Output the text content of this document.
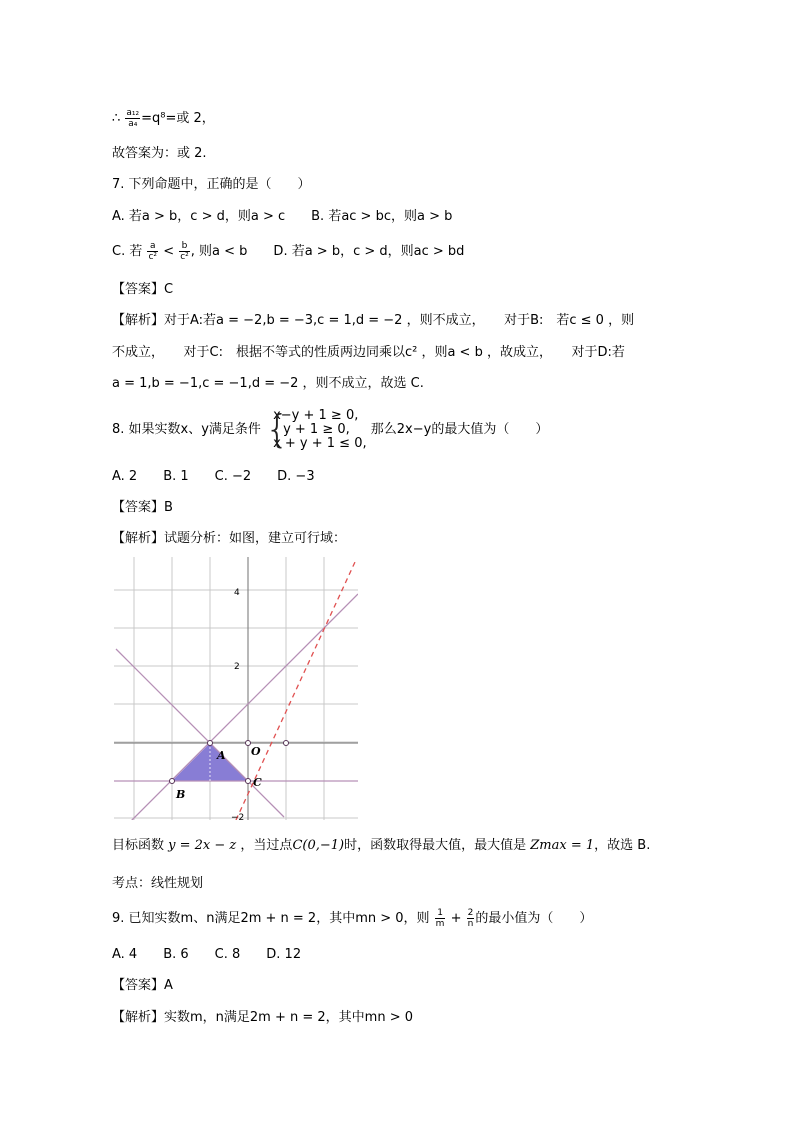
∴ $\frac{\text{a₁₂}}{\text{a₄}} =q^8=$或 2，
故答案为：或 2.
7. 下列命题中，正确的是（　　）
A. 若a > b，c > d，则a > c　　B. 若ac > bc，则a > b
C. 若 $\frac{a}{\text{c²}} < \frac{b}{\text{c²}}$ , 则a < b　　D. 若a > b，c > d，则ac > bd
【答案】C
【解析】对于A:若a = −2,b = −3,c = 1,d = −2 ，则不成立，　　对于B:　若c ≤ 0 ，则
不成立，　　对于C:　根据不等式的性质两边同乘以c² ，则a < b ，故成立，　　对于D:若
a = 1,b = −1,c = −1,d = −2 ，则不成立，故选 C.
8. 如果实数x、y满足条件 {
x−y + 1 ≥ 0,
y + 1 ≥ 0,
x + y + 1 ≤ 0,
那么2x−y的最大值为（　　）
A. 2　　B. 1　　C. −2　　D. −3
【答案】B
【解析】试题分析：如图，建立可行域：
4
2
−2
A
B
C
O
目标函数 y = 2x − z ，当过点C(0,−1)时，函数取得最大值，最大值是 Zmax = 1，故选 B.
考点：线性规划
9. 已知实数m、n满足2m + n = 2，其中mn > 0，则 $\frac{1}{m} + \frac{2}{n}$ 的最小值为（　　）
A. 4　　B. 6　　C. 8　　D. 12
【答案】A
【解析】实数m，n满足2m + n = 2，其中mn > 0
